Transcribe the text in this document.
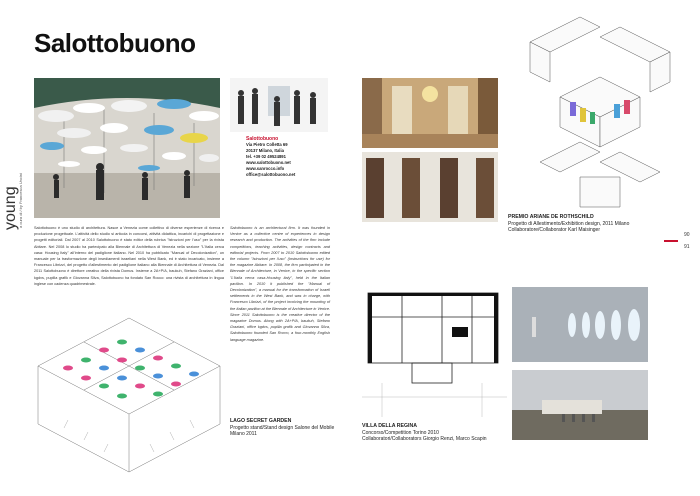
Salottobuono
young a cura di / by Francesca Uncini
90
91
Salottobuono
Via Pietro Colletta 69
20137 Milano, Italia
tel. +39 02 49524891
www.salottobuono.net
www.sanrocco.info
office@salottobuono.net
Salottobuono è uno studio di architettura. Nasce a Venezia come collettivo di diverse esperienze di ricerca e produzione progettuale. L'attività dello studio si articola in concorsi, attività didattica, incarichi di progettazione e progetti editoriali. Dal 2007 al 2010 Salottobuono è stato editor della rubrica "Istruzioni per l'uso" per la rivista Abitare. Nel 2008 lo studio ha partecipato alla Biennale di Architettura di Venezia nella sezione "L'Italia cerca casa: Housing Italy" all'interno del padiglione italiano. Nel 2010 ha pubblicato "Manual of Decolonization", un manuale per la trasformazione degli insediamenti israeliani nella West Bank, ed è stato incaricato, insieme a Francesco Librizzi, del progetto d'allestimento del padiglione italiano alla Biennale di Architettura di Venezia. Dal 2011 Salottobuono è direttore creativo della rivista Domus. Insieme a 2A+P/A, baukuh, Stefano Graziani, office kgdvs, pupilla grafik e Giovanna Silva, Salottobuono ha fondato San Rocco: una rivista di architettura in lingua inglese con cadenza quadrimestrale.
Salottobuono is an architectural firm. It was founded in Venice as a collective centre of experiences in design research and production. The activities of the firm include competitions, teaching activities, design contracts and editorial projects. From 2007 to 2010 Salottobuono edited the column "Istruzioni per l'uso" (Instructions for use) for the magazine Abitare. In 2008, the firm participated in the Biennale of Architecture, in Venice, in the specific section "L'Italia cerca casa-Housing Italy", held in the Italian pavilion. In 2010 it published the "Manual of Decolonization", a manual for the transformation of Israeli settlements in the West Bank, and was in charge, with Francesco Librizzi, of the project involving the mounting of the Italian pavilion at the Biennale of Architecture in Venice. Since 2011 Salottobuono is the creative director of the magazine Domus. Along with 2A+P/A, baukuh, Stefano Graziani, office kgdvs, pupilla grafik and Giovanna Silva, Salottobuono founded San Rocco, a four-monthly English language magazine.
LAGO SECRET GARDEN
Progetto stand/Stand design Salone del Mobile
Milano 2011
VILLA DELLA REGINA
Concorso/Competition Torino 2010
Collaboratori/Collaborators Giorgio Renzi, Marco Scapin
PREMIO ARIANE DE ROTHSCHILD
Progetto di Allestimento/Exhibition design, 2011 Milano
Collaboratore/Collaborator Karl Maisinger
